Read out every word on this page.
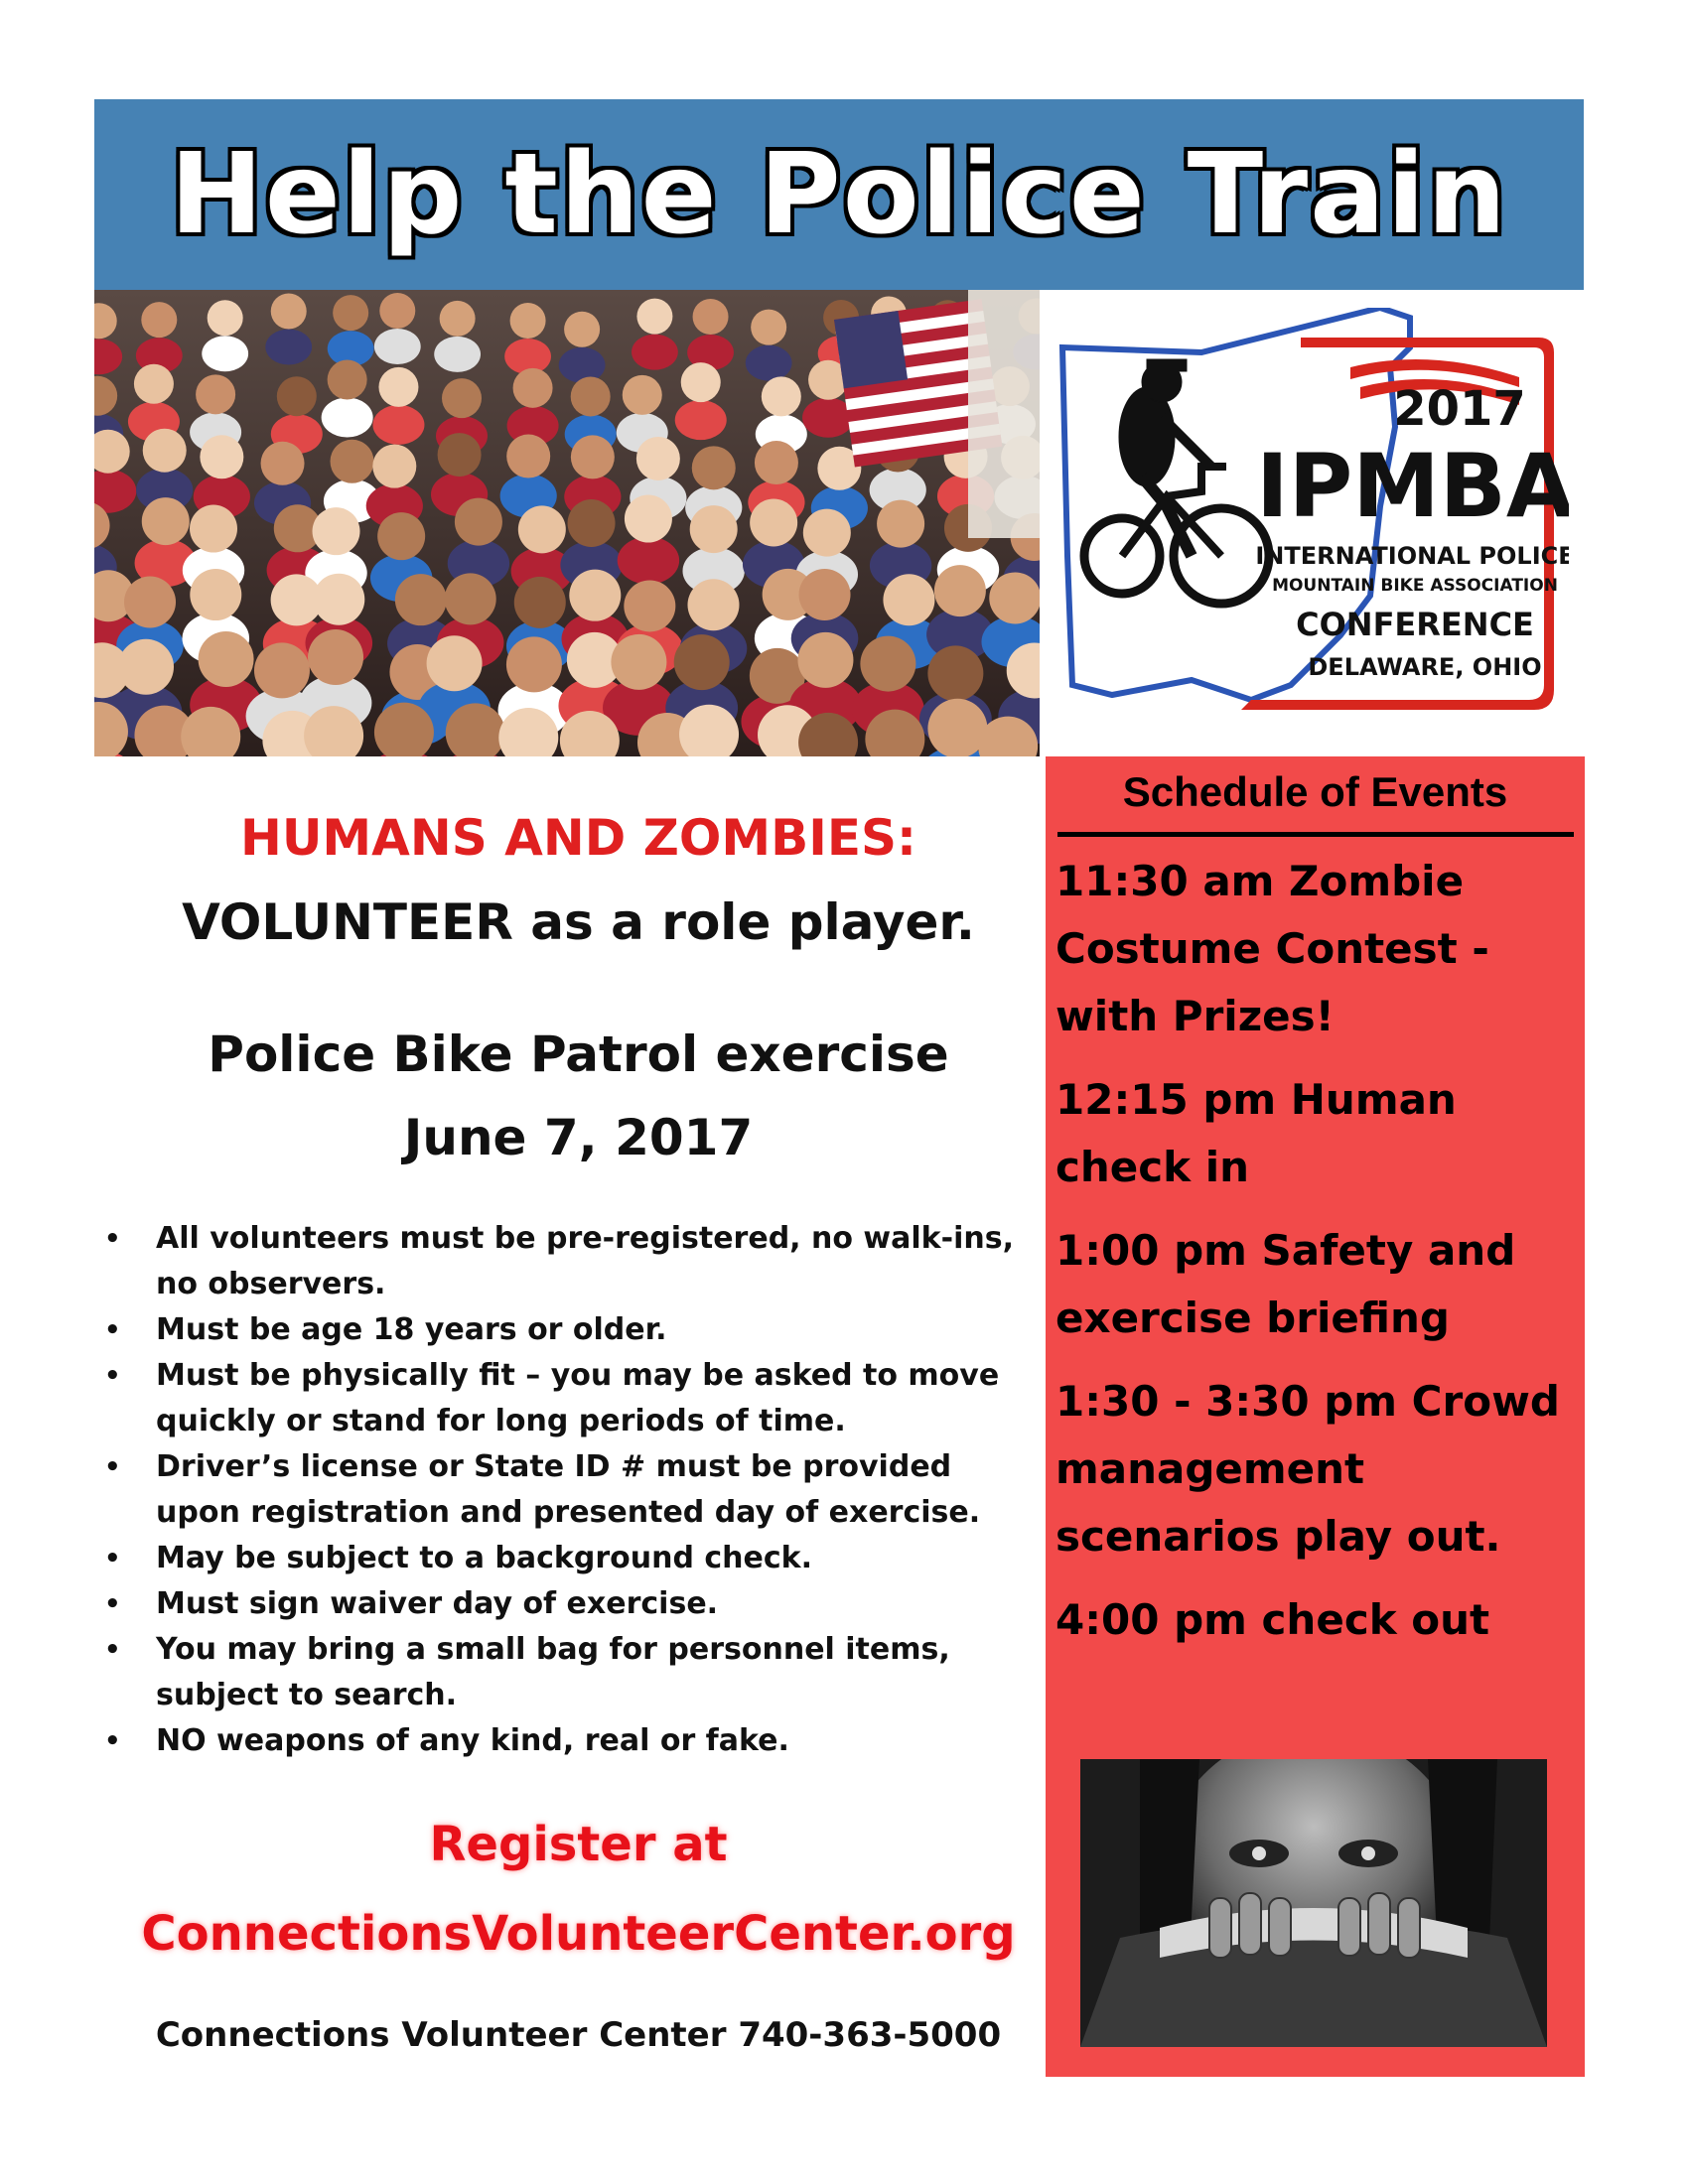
Help the Police Train
2017
IPMBA
INTERNATIONAL POLICE
MOUNTAIN BIKE ASSOCIATION
CONFERENCE
DELAWARE, OHIO
HUMANS AND ZOMBIES:
VOLUNTEER as a role player.
Police Bike Patrol exercise
June 7, 2017
• All volunteers must be pre-registered, no walk-ins, no observers.
• Must be age 18 years or older.
• Must be physically fit – you may be asked to move quickly or stand for long periods of time.
• Driver’s license or State ID # must be provided upon registration and presented day of exercise.
• May be subject to a background check.
• Must sign waiver day of exercise.
• You may bring a small bag for personnel items, subject to search.
• NO weapons of any kind, real or fake.
Register at
ConnectionsVolunteerCenter.org
Connections Volunteer Center 740-363-5000
Schedule of Events
11:30 am Zombie Costume Contest - with Prizes!
12:15 pm Human check in
1:00 pm Safety and exercise briefing
1:30 - 3:30 pm Crowd management scenarios play out.
4:00 pm check out
